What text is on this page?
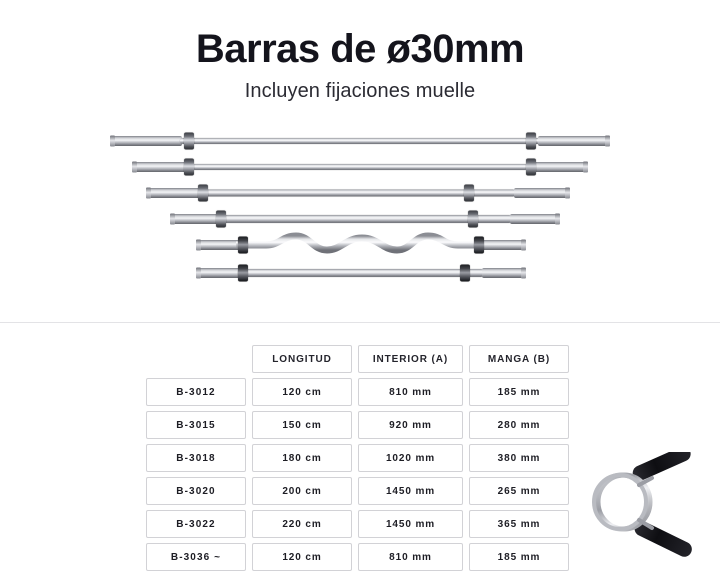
Barras de ø30mm

Incluyen fijaciones muelle

	LONGITUD	INTERIOR (A)	MANGA (B)
B-3012	120 cm	810 mm	185 mm
B-3015	150 cm	920 mm	280 mm
B-3018	180 cm	1020 mm	380 mm
B-3020	200 cm	1450 mm	265 mm
B-3022	220 cm	1450 mm	365 mm
B-3036 ~	120 cm	810 mm	185 mm
